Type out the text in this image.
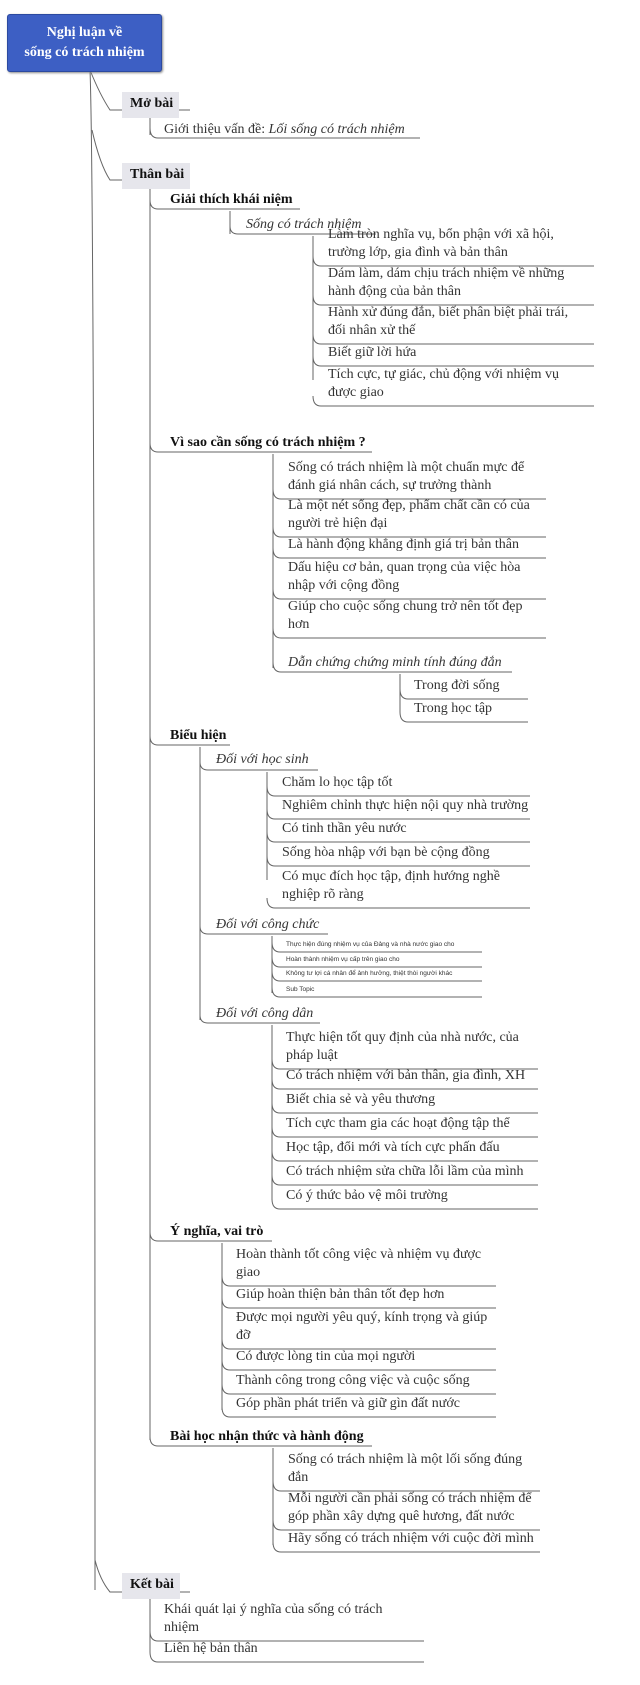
Nghị luận về
sống có trách nhiệm
Mở bài
Thân bài
Kết bài
Giới thiệu vấn đề: Lối sống có trách nhiệm
Giải thích khái niệm
Sống có trách nhiệm
Làm tròn nghĩa vụ, bổn phận với xã hội,
trường lớp, gia đình và bản thân
Dám làm, dám chịu trách nhiệm về những
hành động của bản thân
Hành xử đúng đắn, biết phân biệt phải trái,
đối nhân xử thế
Biết giữ lời hứa
Tích cực, tự giác, chủ động với nhiệm vụ
được giao
Vì sao cần sống có trách nhiệm ?
Sống có trách nhiệm là một chuẩn mực để
đánh giá nhân cách, sự trưởng thành
Là một nét sống đẹp, phẩm chất cần có của
người trẻ hiện đại
Là hành động khẳng định giá trị bản thân
Dấu hiệu cơ bản, quan trọng của việc hòa
nhập với cộng đồng
Giúp cho cuộc sống chung trở nên tốt đẹp
hơn
Dẫn chứng chứng minh tính đúng đắn
Trong đời sống
Trong học tập
Biểu hiện
Đối với học sinh
Chăm lo học tập tốt
Nghiêm chỉnh thực hiện nội quy nhà trường
Có tinh thần yêu nước
Sống hòa nhập với bạn bè cộng đồng
Có mục đích học tập, định hướng nghề
nghiệp rõ ràng
Đối với công chức
Thực hiện đúng nhiệm vụ của Đảng và nhà nước giao cho
Hoàn thành nhiệm vụ cấp trên giao cho
Không tư lợi cá nhân để ảnh hưởng, thiệt thòi người khác
Sub Topic
Đối với công dân
Thực hiện tốt quy định của nhà nước, của
pháp luật
Có trách nhiệm với bản thân, gia đình, XH
Biết chia sẻ và yêu thương
Tích cực tham gia các hoạt động tập thể
Học tập, đổi mới và tích cực phấn đấu
Có trách nhiệm sửa chữa lỗi lầm của mình
Có ý thức bảo vệ môi trường
Ý nghĩa, vai trò
Hoàn thành tốt công việc và nhiệm vụ được
giao
Giúp hoàn thiện bản thân tốt đẹp hơn
Được mọi người yêu quý, kính trọng và giúp
đỡ
Có được lòng tin của mọi người
Thành công trong công việc và cuộc sống
Góp phần phát triển và giữ gìn đất nước
Bài học nhận thức và hành động
Sống có trách nhiệm là một lối sống đúng
đắn
Mỗi người cần phải sống có trách nhiệm để
góp phần xây dựng quê hương, đất nước
Hãy sống có trách nhiệm với cuộc đời mình
Khái quát lại ý nghĩa của sống có trách
nhiệm
Liên hệ bản thân
